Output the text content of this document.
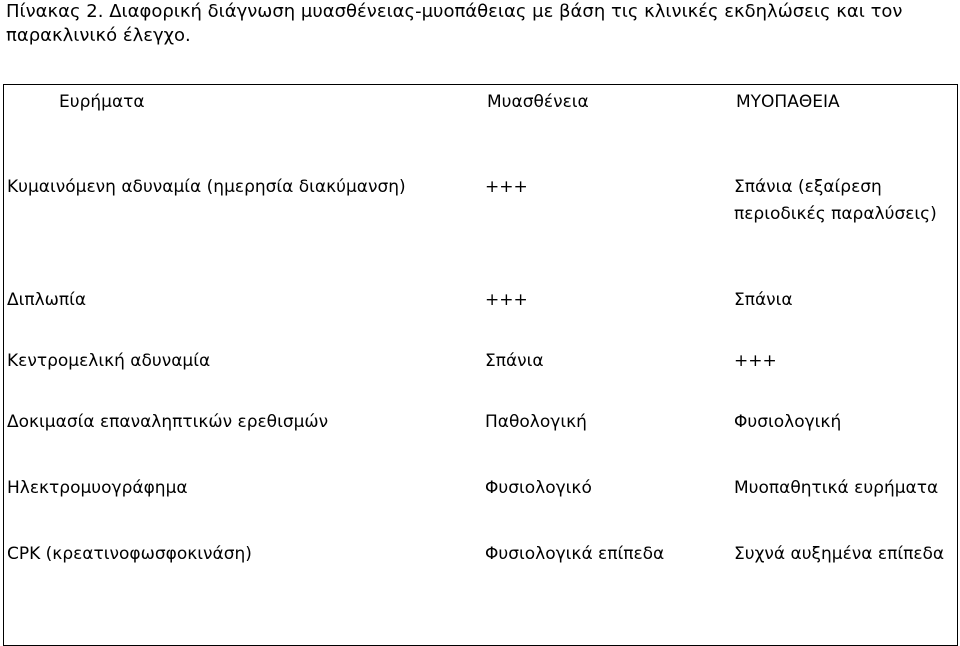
Πίνακας 2. Διαφορική διάγνωση μυασθένειας-μυοπάθειας με βάση τις κλινικές εκδηλώσεις και τον παρακλινικό έλεγχο.

Ευρήματα	Μυασθένεια	ΜΥΟΠΑΘΕΙΑ
Κυμαινόμενη αδυναμία (ημερησία διακύμανση)	+++	Σπάνια (εξαίρεση περιοδικές παραλύσεις)
Διπλωπία	+++	Σπάνια
Κεντρομελική αδυναμία	Σπάνια	+++
Δοκιμασία επαναληπτικών ερεθισμών	Παθολογική	Φυσιολογική
Ηλεκτρομυογράφημα	Φυσιολογικό	Μυοπαθητικά ευρήματα
CPK (κρεατινοφωσφοκινάση)	Φυσιολογικά επίπεδα	Συχνά αυξημένα επίπεδα
